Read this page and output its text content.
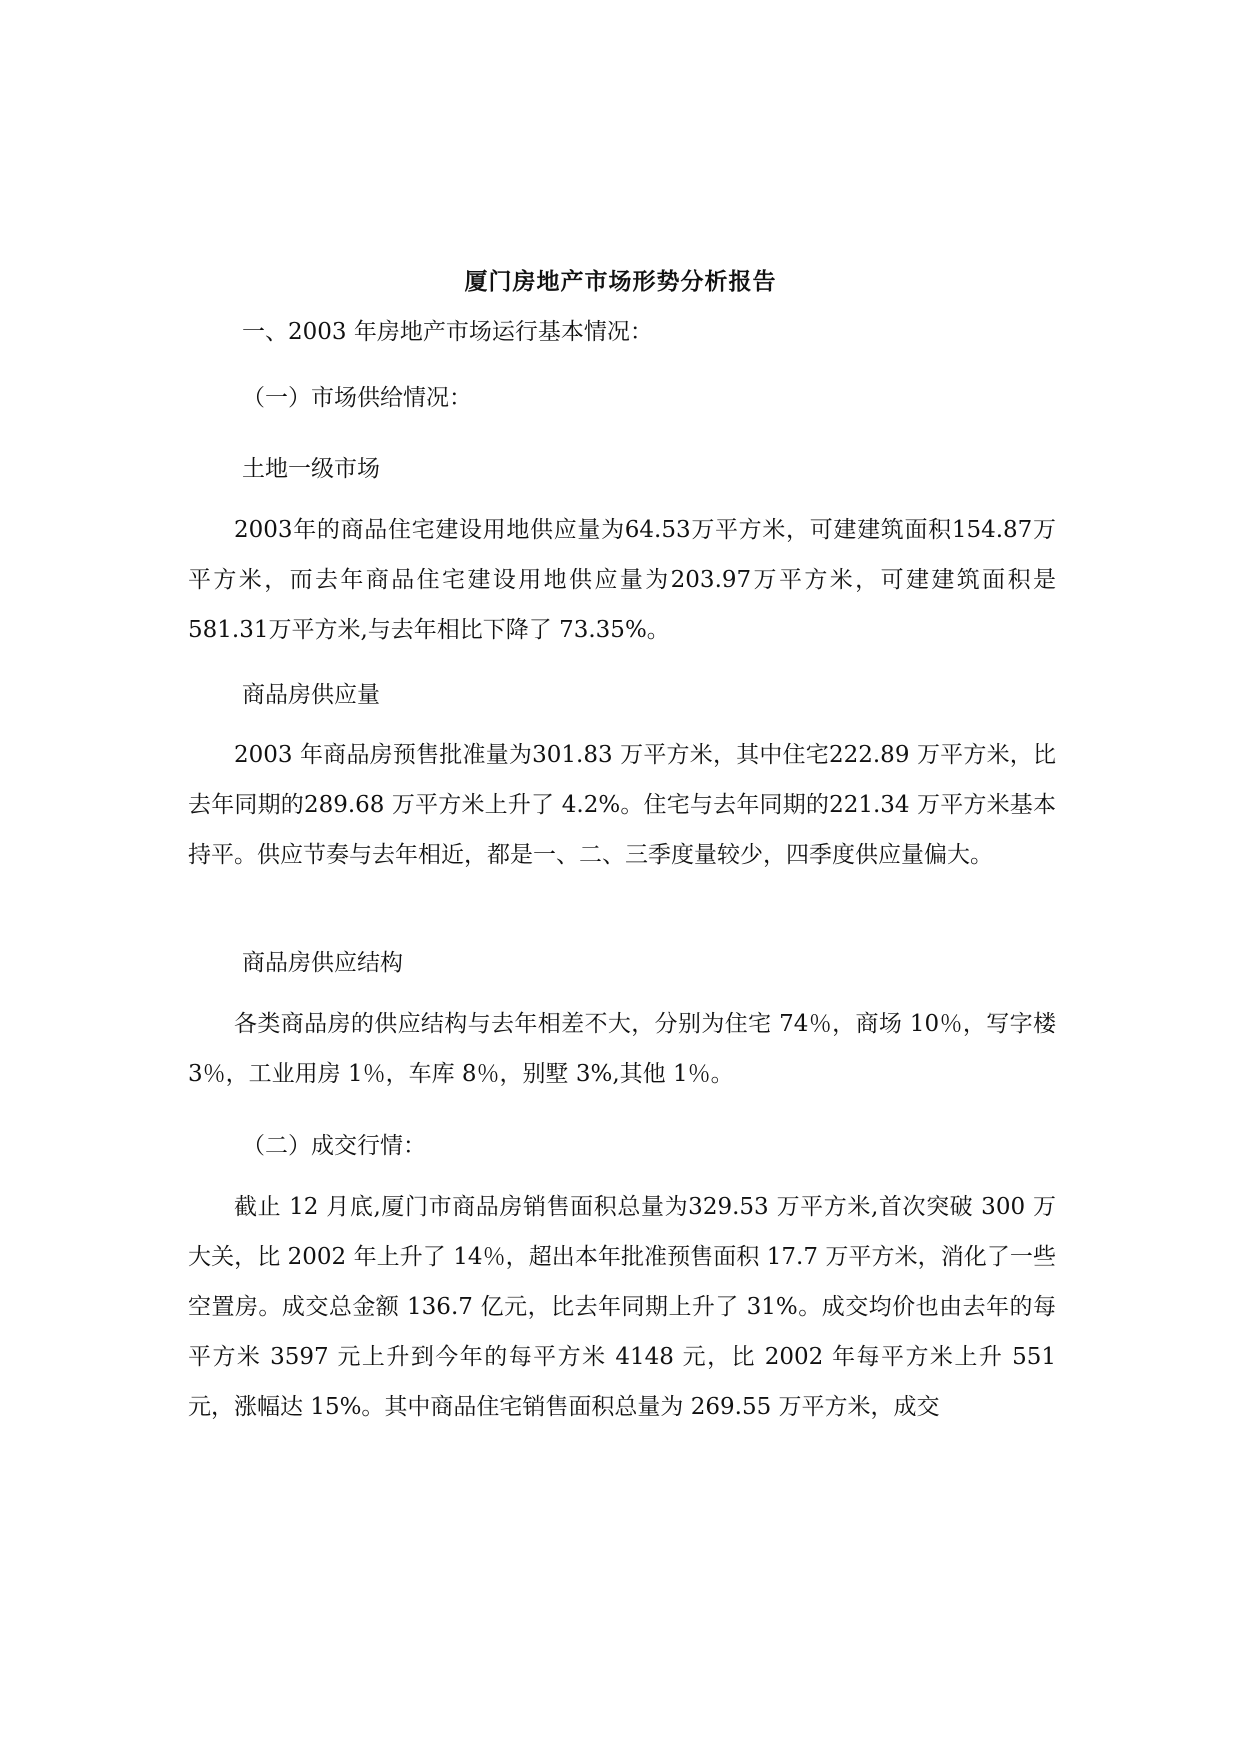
厦门房地产市场形势分析报告
一、2003 年房地产市场运行基本情况：
（一）市场供给情况：
土地一级市场

2003年的商品住宅建设用地供应量为64.53万平方米，可建建筑面积154.87万平方米，而去年商品住宅建设用地供应量为203.97万平方米，可建建筑面积是581.31万平方米,与去年相比下降了 73.35%。

商品房供应量

2003 年商品房预售批准量为301.83 万平方米，其中住宅222.89 万平方米，比去年同期的289.68 万平方米上升了 4.2%。住宅与去年同期的221.34 万平方米基本持平。供应节奏与去年相近，都是一、二、三季度量较少，四季度供应量偏大。

商品房供应结构

各类商品房的供应结构与去年相差不大，分别为住宅 74％，商场 10％，写字楼 3％，工业用房 1％，车库 8％，别墅 3%,其他 1％。

（二）成交行情：

截止 12 月底,厦门市商品房销售面积总量为329.53 万平方米,首次突破 300 万大关，比 2002 年上升了 14％，超出本年批准预售面积 17.7 万平方米，消化了一些空置房。成交总金额 136.7 亿元，比去年同期上升了 31%。成交均价也由去年的每平方米 3597 元上升到今年的每平方米 4148 元，比 2002 年每平方米上升 551 元，涨幅达 15%。其中商品住宅销售面积总量为 269.55 万平方米，成交
